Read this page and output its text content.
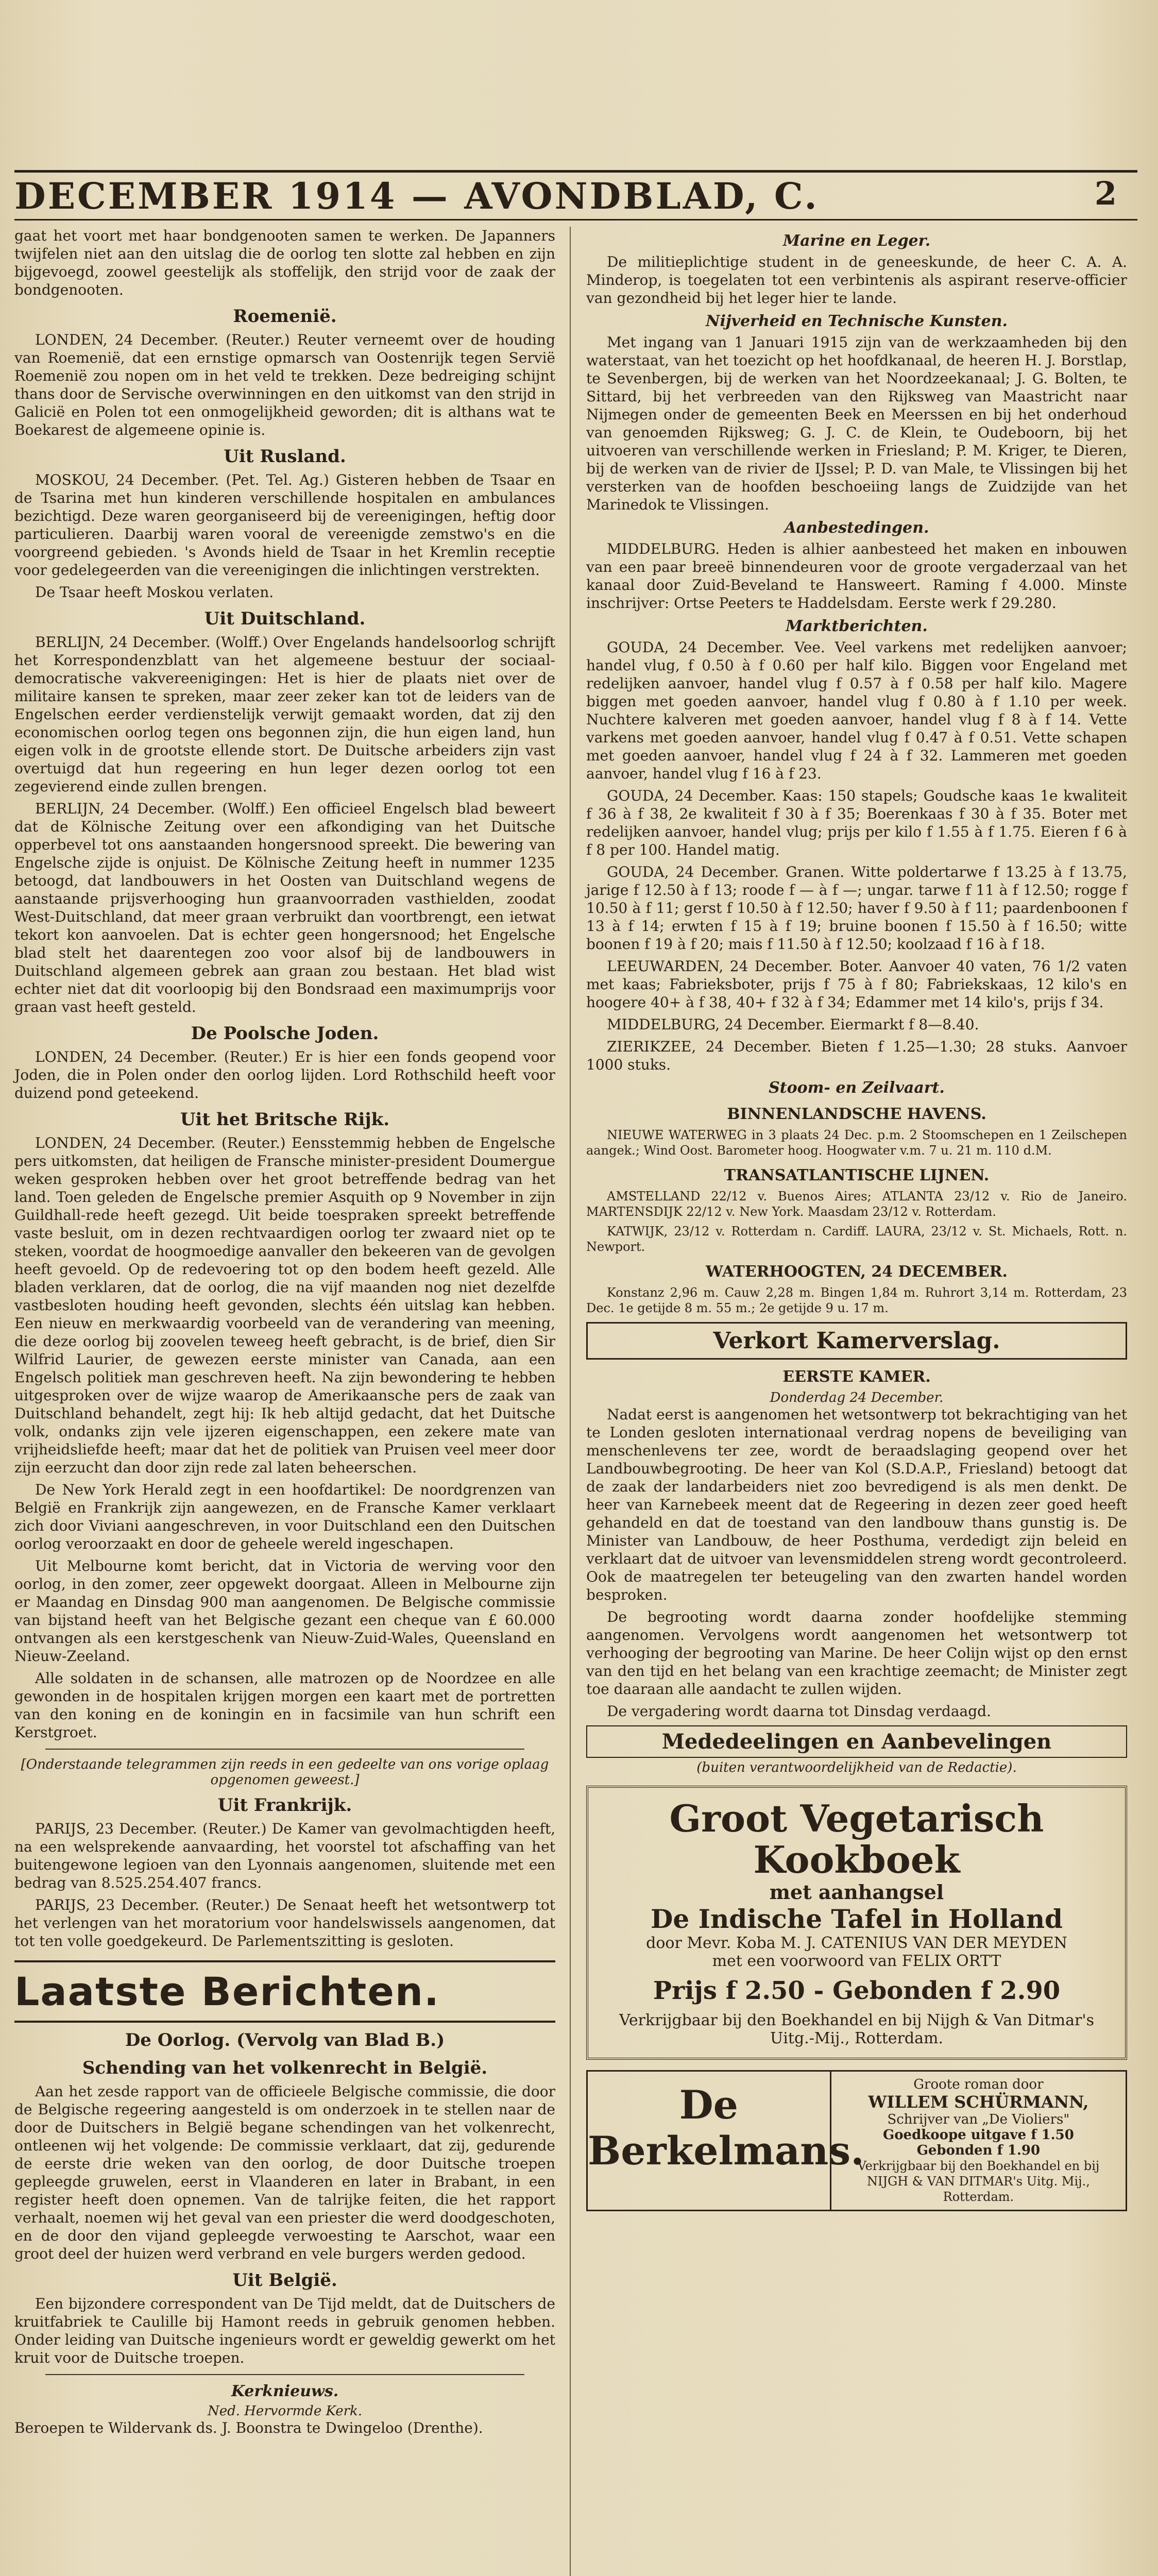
DECEMBER 1914 — AVONDBLAD, C.	2

gaat het voort met haar bondgenooten samen te werken. De Japanners twijfelen niet aan den uitslag die de oorlog ten slotte zal hebben en zijn bijgevoegd, zoowel geestelijk als stoffelijk, den strijd voor de zaak der bondgenooten.

Roemenië.

LONDEN, 24 December. (Reuter.) Reuter verneemt over de houding van Roemenië, dat een ernstige opmarsch van Oostenrijk tegen Servië Roemenië zou nopen om in het veld te trekken. Deze bedreiging schijnt thans door de Servische overwinningen en den uitkomst van den strijd in Galicië en Polen tot een onmogelijkheid geworden; dit is althans wat te Boekarest de algemeene opinie is.

Uit Rusland.

MOSKOU, 24 December. (Pet. Tel. Ag.) Gisteren hebben de Tsaar en de Tsarina met hun kinderen verschillende hospitalen en ambulances bezichtigd. Deze waren georganiseerd bij de vereenigingen, heftig door particulieren. Daarbij waren vooral de vereenigde zemstwo's en die voorgreend gebieden. 's Avonds hield de Tsaar in het Kremlin receptie voor gedelegeerden van die vereenigingen die inlichtingen verstrekten.

De Tsaar heeft Moskou verlaten.

Uit Duitschland.

BERLIJN, 24 December. (Wolff.) Over Engelands handelsoorlog schrijft het Korrespondenzblatt van het algemeene bestuur der sociaal-democratische vakvereenigingen: Het is hier de plaats niet over de militaire kansen te spreken, maar zeer zeker kan tot de leiders van de Engelschen eerder verdienstelijk verwijt gemaakt worden, dat zij den economischen oorlog tegen ons begonnen zijn, die hun eigen land, hun eigen volk in de grootste ellende stort. De Duitsche arbeiders zijn vast overtuigd dat hun regeering en hun leger dezen oorlog tot een zegevierend einde zullen brengen.

BERLIJN, 24 December. (Wolff.) Een officieel Engelsch blad beweert dat de Kölnische Zeitung over een afkondiging van het Duitsche opperbevel tot ons aanstaanden hongersnood spreekt. Die bewering van Engelsche zijde is onjuist. De Kölnische Zeitung heeft in nummer 1235 betoogd, dat landbouwers in het Oosten van Duitschland wegens de aanstaande prijsverhooging hun graanvoorraden vasthielden, zoodat West-Duitschland, dat meer graan verbruikt dan voortbrengt, een ietwat tekort kon aanvoelen. Dat is echter geen hongersnood; het Engelsche blad stelt het daarentegen zoo voor alsof bij de landbouwers in Duitschland algemeen gebrek aan graan zou bestaan. Het blad wist echter niet dat dit voorloopig bij den Bondsraad een maximumprijs voor graan vast heeft gesteld.

De Poolsche Joden.

LONDEN, 24 December. (Reuter.) Er is hier een fonds geopend voor Joden, die in Polen onder den oorlog lijden. Lord Rothschild heeft voor duizend pond geteekend.

Uit het Britsche Rijk.

LONDEN, 24 December. (Reuter.) Eensstemmig hebben de Engelsche pers uitkomsten, dat heiligen de Fransche minister-president Doumergue weken gesproken hebben over het groot betreffende bedrag van het land. Toen geleden de Engelsche premier Asquith op 9 November in zijn Guildhall-rede heeft gezegd. Uit beide toespraken spreekt betreffende vaste besluit, om in dezen rechtvaardigen oorlog ter zwaard niet op te steken, voordat de hoogmoedige aanvaller den bekeeren van de gevolgen heeft gevoeld. Op de redevoering tot op den bodem heeft gezeld. Alle bladen verklaren, dat de oorlog, die na vijf maanden nog niet dezelfde vastbesloten houding heeft gevonden, slechts één uitslag kan hebben. Een nieuw en merkwaardig voorbeeld van de verandering van meening, die deze oorlog bij zoovelen teweeg heeft gebracht, is de brief, dien Sir Wilfrid Laurier, de gewezen eerste minister van Canada, aan een Engelsch politiek man geschreven heeft. Na zijn bewondering te hebben uitgesproken over de wijze waarop de Amerikaansche pers de zaak van Duitschland behandelt, zegt hij: Ik heb altijd gedacht, dat het Duitsche volk, ondanks zijn vele ijzeren eigenschappen, een zekere mate van vrijheidsliefde heeft; maar dat het de politiek van Pruisen veel meer door zijn eerzucht dan door zijn rede zal laten beheerschen.

De New York Herald zegt in een hoofdartikel: De noordgrenzen van België en Frankrijk zijn aangewezen, en de Fransche Kamer verklaart zich door Viviani aangeschreven, in voor Duitschland een den Duitschen oorlog veroorzaakt en door de geheele wereld ingeschapen.

Uit Melbourne komt bericht, dat in Victoria de werving voor den oorlog, in den zomer, zeer opgewekt doorgaat. Alleen in Melbourne zijn er Maandag en Dinsdag 900 man aangenomen. De Belgische commissie van bijstand heeft van het Belgische gezant een cheque van £ 60.000 ontvangen als een kerstgeschenk van Nieuw-Zuid-Wales, Queensland en Nieuw-Zeeland.

Alle soldaten in de schansen, alle matrozen op de Noordzee en alle gewonden in de hospitalen krijgen morgen een kaart met de portretten van den koning en de koningin en in facsimile van hun schrift een Kerstgroet.

[Onderstaande telegrammen zijn reeds in een gedeelte van ons vorige oplaag opgenomen geweest.]
Uit Frankrijk.

PARIJS, 23 December. (Reuter.) De Kamer van gevolmachtigden heeft, na een welsprekende aanvaarding, het voorstel tot afschaffing van het buitengewone legioen van den Lyonnais aangenomen, sluitende met een bedrag van 8.525.254.407 francs.

PARIJS, 23 December. (Reuter.) De Senaat heeft het wetsontwerp tot het verlengen van het moratorium voor handelswissels aangenomen, dat tot ten volle goedgekeurd. De Parlementszitting is gesloten.

Laatste Berichten.
De Oorlog. (Vervolg van Blad B.)
Schending van het volkenrecht in België.

Aan het zesde rapport van de officieele Belgische commissie, die door de Belgische regeering aangesteld is om onderzoek in te stellen naar de door de Duitschers in België begane schendingen van het volkenrecht, ontleenen wij het volgende: De commissie verklaart, dat zij, gedurende de eerste drie weken van den oorlog, de door Duitsche troepen gepleegde gruwelen, eerst in Vlaanderen en later in Brabant, in een register heeft doen opnemen. Van de talrijke feiten, die het rapport verhaalt, noemen wij het geval van een priester die werd doodgeschoten, en de door den vijand gepleegde verwoesting te Aarschot, waar een groot deel der huizen werd verbrand en vele burgers werden gedood.

Uit België.

Een bijzondere correspondent van De Tijd meldt, dat de Duitschers de kruitfabriek te Caulille bij Hamont reeds in gebruik genomen hebben. Onder leiding van Duitsche ingenieurs wordt er geweldig gewerkt om het kruit voor de Duitsche troepen.

Kerknieuws.
Ned. Hervormde Kerk.

Beroepen te Wildervank ds. J. Boonstra te Dwingeloo (Drenthe).

Marine en Leger.

De militieplichtige student in de geneeskunde, de heer C. A. A. Minderop, is toegelaten tot een verbintenis als aspirant reserve-officier van gezondheid bij het leger hier te lande.

Nijverheid en Technische Kunsten.

Met ingang van 1 Januari 1915 zijn van de werkzaamheden bij den waterstaat, van het toezicht op het hoofdkanaal, de heeren H. J. Borstlap, te Sevenbergen, bij de werken van het Noordzeekanaal; J. G. Bolten, te Sittard, bij het verbreeden van den Rijksweg van Maastricht naar Nijmegen onder de gemeenten Beek en Meerssen en bij het onderhoud van genoemden Rijksweg; G. J. C. de Klein, te Oudeboorn, bij het uitvoeren van verschillende werken in Friesland; P. M. Kriger, te Dieren, bij de werken van de rivier de IJssel; P. D. van Male, te Vlissingen bij het versterken van de hoofden beschoeiing langs de Zuidzijde van het Marinedok te Vlissingen.

Aanbestedingen.

MIDDELBURG. Heden is alhier aanbesteed het maken en inbouwen van een paar breeë binnendeuren voor de groote vergaderzaal van het kanaal door Zuid-Beveland te Hansweert. Raming f 4.000. Minste inschrijver: Ortse Peeters te Haddelsdam. Eerste werk f 29.280.

Marktberichten.

GOUDA, 24 December. Vee. Veel varkens met redelijken aanvoer; handel vlug, f 0.50 à f 0.60 per half kilo. Biggen voor Engeland met redelijken aanvoer, handel vlug f 0.57 à f 0.58 per half kilo. Magere biggen met goeden aanvoer, handel vlug f 0.80 à f 1.10 per week. Nuchtere kalveren met goeden aanvoer, handel vlug f 8 à f 14. Vette varkens met goeden aanvoer, handel vlug f 0.47 à f 0.51. Vette schapen met goeden aanvoer, handel vlug f 24 à f 32. Lammeren met goeden aanvoer, handel vlug f 16 à f 23.

GOUDA, 24 December. Kaas: 150 stapels; Goudsche kaas 1e kwaliteit f 36 à f 38, 2e kwaliteit f 30 à f 35; Boerenkaas f 30 à f 35. Boter met redelijken aanvoer, handel vlug; prijs per kilo f 1.55 à f 1.75. Eieren f 6 à f 8 per 100. Handel matig.

GOUDA, 24 December. Granen. Witte poldertarwe f 13.25 à f 13.75, jarige f 12.50 à f 13; roode f — à f —; ungar. tarwe f 11 à f 12.50; rogge f 10.50 à f 11; gerst f 10.50 à f 12.50; haver f 9.50 à f 11; paardenboonen f 13 à f 14; erwten f 15 à f 19; bruine boonen f 15.50 à f 16.50; witte boonen f 19 à f 20; mais f 11.50 à f 12.50; koolzaad f 16 à f 18.

LEEUWARDEN, 24 December. Boter. Aanvoer 40 vaten, 76 1/2 vaten met kaas; Fabrieksboter, prijs f 75 à f 80; Fabriekskaas, 12 kilo's en hoogere 40+ à f 38, 40+ f 32 à f 34; Edammer met 14 kilo's, prijs f 34.

MIDDELBURG, 24 December. Eiermarkt f 8—8.40.

ZIERIKZEE, 24 December. Bieten f 1.25—1.30; 28 stuks. Aanvoer 1000 stuks.

Stoom- en Zeilvaart.
BINNENLANDSCHE HAVENS.

NIEUWE WATERWEG in 3 plaats 24 Dec. p.m. 2 Stoomschepen en 1 Zeilschepen aangek.; Wind Oost. Barometer hoog. Hoogwater v.m. 7 u. 21 m. 110 d.M.

TRANSATLANTISCHE LIJNEN.

AMSTELLAND 22/12 v. Buenos Aires; ATLANTA 23/12 v. Rio de Janeiro. MARTENSDIJK 22/12 v. New York. Maasdam 23/12 v. Rotterdam.

KATWIJK, 23/12 v. Rotterdam n. Cardiff. LAURA, 23/12 v. St. Michaels, Rott. n. Newport.

WATERHOOGTEN, 24 DECEMBER.

Konstanz 2,96 m. Cauw 2,28 m. Bingen 1,84 m. Ruhrort 3,14 m. Rotterdam, 23 Dec. 1e getijde 8 m. 55 m.; 2e getijde 9 u. 17 m.

Verkort Kamerverslag.
EERSTE KAMER.
Donderdag 24 December.

Nadat eerst is aangenomen het wetsontwerp tot bekrachtiging van het te Londen gesloten internationaal verdrag nopens de beveiliging van menschenlevens ter zee, wordt de beraadslaging geopend over het Landbouwbegrooting. De heer van Kol (S.D.A.P., Friesland) betoogt dat de zaak der landarbeiders niet zoo bevredigend is als men denkt. De heer van Karnebeek meent dat de Regeering in dezen zeer goed heeft gehandeld en dat de toestand van den landbouw thans gunstig is. De Minister van Landbouw, de heer Posthuma, verdedigt zijn beleid en verklaart dat de uitvoer van levensmiddelen streng wordt gecontroleerd. Ook de maatregelen ter beteugeling van den zwarten handel worden besproken.

De begrooting wordt daarna zonder hoofdelijke stemming aangenomen. Vervolgens wordt aangenomen het wetsontwerp tot verhooging der begrooting van Marine. De heer Colijn wijst op den ernst van den tijd en het belang van een krachtige zeemacht; de Minister zegt toe daaraan alle aandacht te zullen wijden.

De vergadering wordt daarna tot Dinsdag verdaagd.

Mededeelingen en Aanbevelingen
(buiten verantwoordelijkheid van de Redactie).
Groot Vegetarisch
Kookboek
met aanhangsel
De Indische Tafel in Holland
door Mevr. Koba M. J. CATENIUS VAN DER MEYDEN
met een voorwoord van FELIX ORTT
Prijs f 2.50 - Gebonden f 2.90
Verkrijgbaar bij den Boekhandel en bij Nijgh & Van Ditmar's Uitg.-Mij., Rotterdam.
De Berkelmans.
Groote roman door
WILLEM SCHÜRMANN,
Schrijver van „De Violiers"
Goedkoope uitgave f 1.50
Gebonden f 1.90
Verkrijgbaar bij den Boekhandel en bij NIJGH & VAN DITMAR's Uitg. Mij., Rotterdam.
